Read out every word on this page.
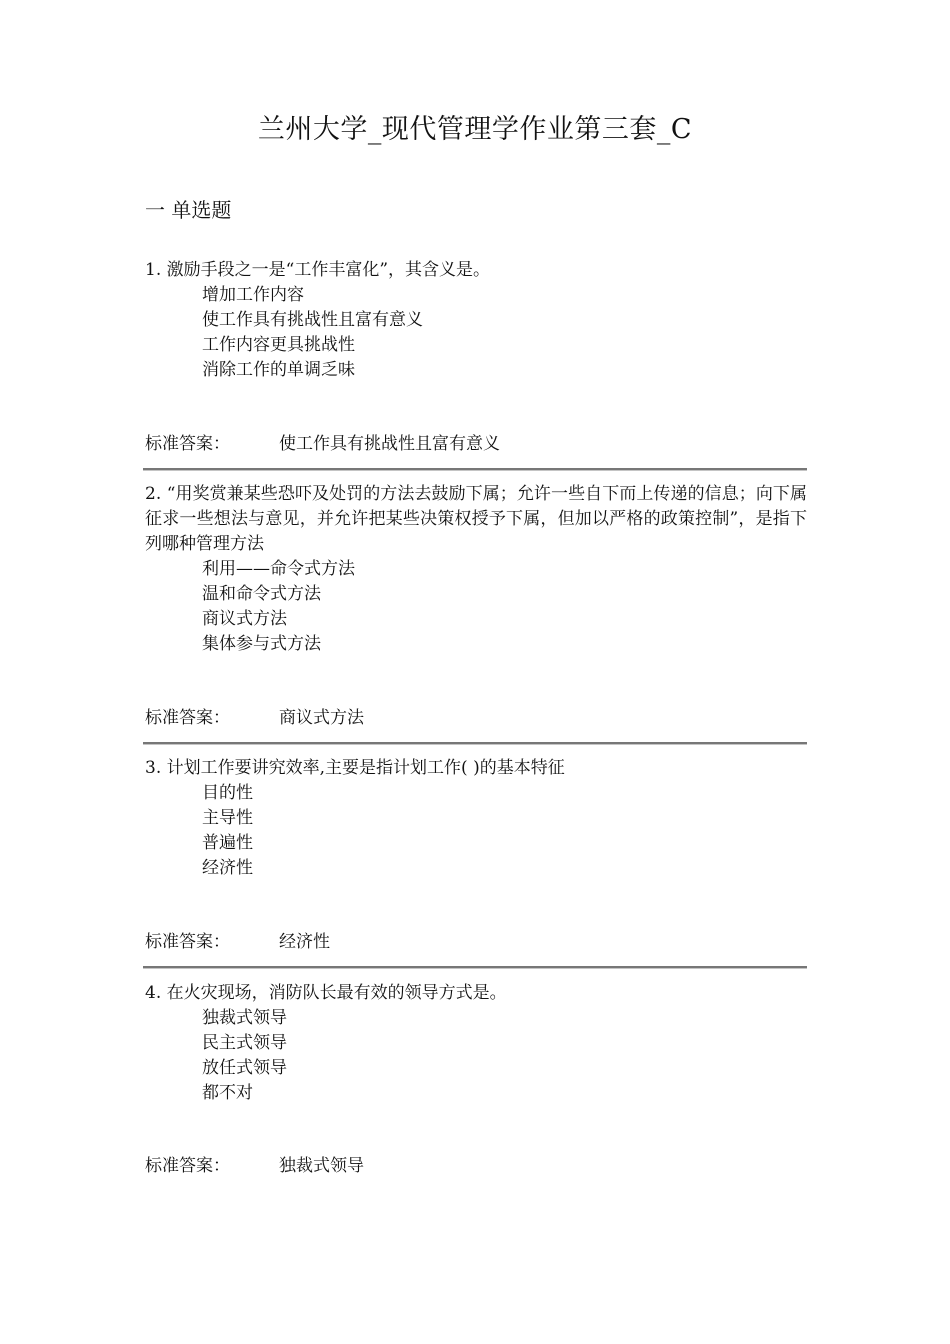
兰州大学_现代管理学作业第三套_C
一 单选题

1. 激励手段之一是“工作丰富化”，其含义是。

增加工作内容
使工作具有挑战性且富有意义
工作内容更具挑战性
消除工作的单调乏味
标准答案：	使工作具有挑战性且富有意义

2. “用奖赏兼某些恐吓及处罚的方法去鼓励下属；允许一些自下而上传递的信息；向下属征求一些想法与意见，并允许把某些决策权授予下属，但加以严格的政策控制”，是指下列哪种管理方法

利用——命令式方法
温和命令式方法
商议式方法
集体参与式方法
标准答案：	商议式方法

3. 计划工作要讲究效率,主要是指计划工作( )的基本特征

目的性
主导性
普遍性
经济性
标准答案：	经济性

4. 在火灾现场，消防队长最有效的领导方式是。

独裁式领导
民主式领导
放任式领导
都不对
标准答案：	独裁式领导
